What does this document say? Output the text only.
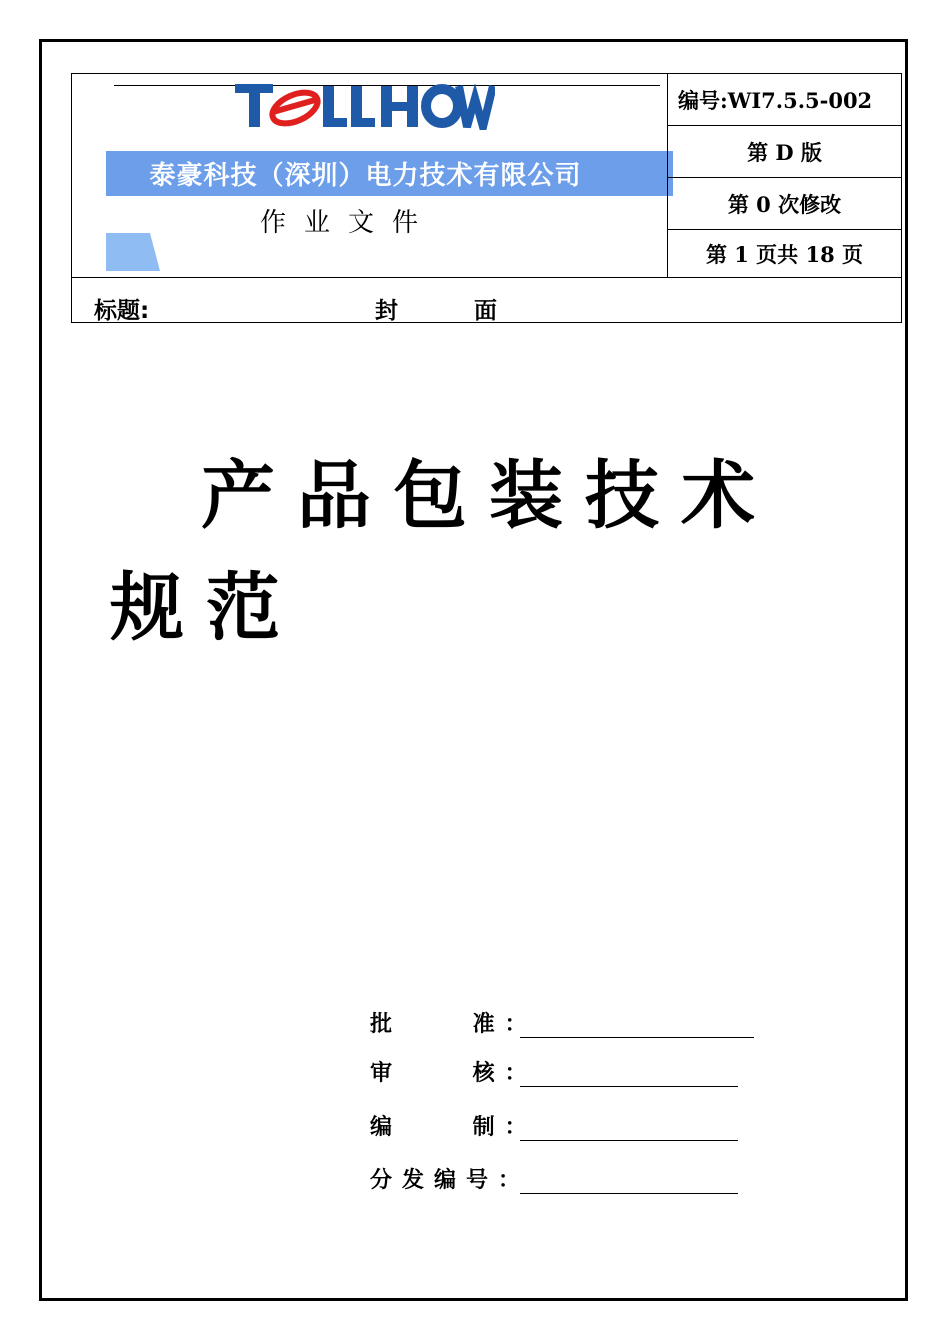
泰豪科技（深圳）电力技术有限公司
作业文件
编号:WI7.5.5-002
第 D 版
第 0 次修改
第 1 页共 18 页
标题:	封面
产品包装技术规范
批    准：
审    核：
编    制：
分发编号：
